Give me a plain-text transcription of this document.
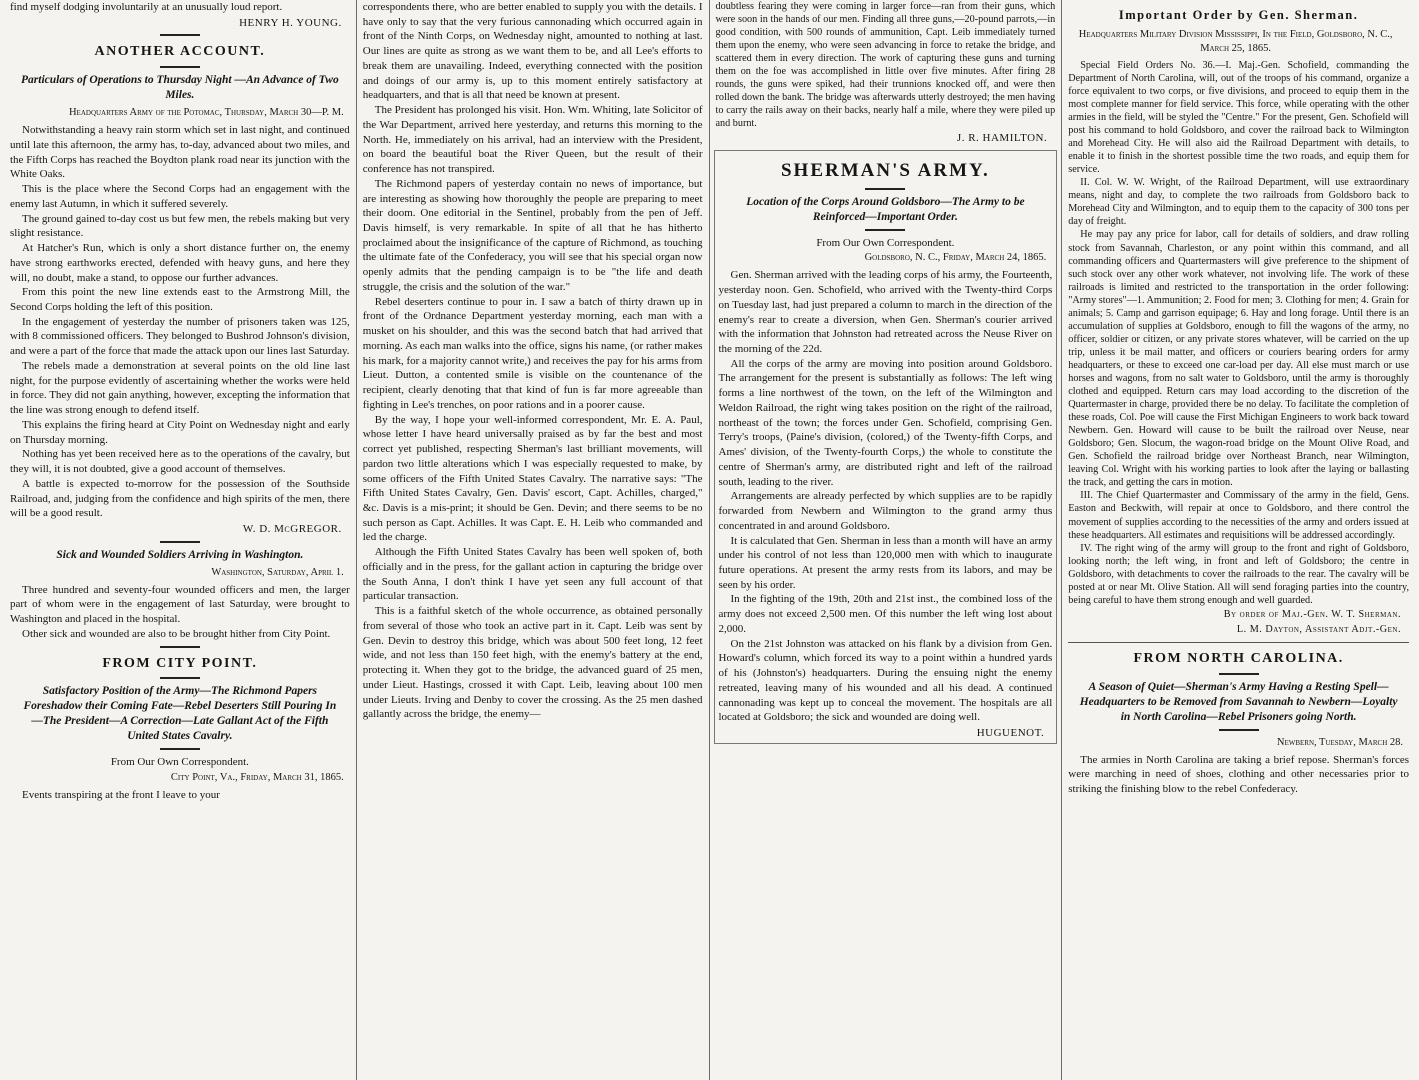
find myself dodging involuntarily at an unusually loud report.

HENRY H. YOUNG.
ANOTHER ACCOUNT.
Particulars of Operations to Thursday Night —An Advance of Two Miles.
Headquarters Army of the Potomac, Thursday, March 30—P. M.

Notwithstanding a heavy rain storm which set in last night, and continued until late this afternoon, the army has, to-day, advanced about two miles, and the Fifth Corps has reached the Boydton plank road near its junction with the White Oaks.

This is the place where the Second Corps had an engagement with the enemy last Autumn, in which it suffered severely.

The ground gained to-day cost us but few men, the rebels making but very slight resistance.

At Hatcher's Run, which is only a short distance further on, the enemy have strong earthworks erected, defended with heavy guns, and here they will, no doubt, make a stand, to oppose our further advances.

From this point the new line extends east to the Armstrong Mill, the Second Corps holding the left of this position.

In the engagement of yesterday the number of prisoners taken was 125, with 8 commissioned officers. They belonged to Bushrod Johnson's division, and were a part of the force that made the attack upon our lines last Saturday.

The rebels made a demonstration at several points on the old line last night, for the purpose evidently of ascertaining whether the works were held in force. They did not gain anything, however, excepting the information that the line was strong enough to defend itself.

This explains the firing heard at City Point on Wednesday night and early on Thursday morning.

Nothing has yet been received here as to the operations of the cavalry, but they will, it is not doubted, give a good account of themselves.

A battle is expected to-morrow for the possession of the Southside Railroad, and, judging from the confidence and high spirits of the men, there will be a good result.

W. D. McGREGOR.
Sick and Wounded Soldiers Arriving in Washington.
Washington, Saturday, April 1.

Three hundred and seventy-four wounded officers and men, the larger part of whom were in the engagement of last Saturday, were brought to Washington and placed in the hospital.

Other sick and wounded are also to be brought hither from City Point.

FROM CITY POINT.
Satisfactory Position of the Army—The Richmond Papers Foreshadow their Coming Fate—Rebel Deserters Still Pouring In—The President—A Correction—Late Gallant Act of the Fifth United States Cavalry.
From Our Own Correspondent.
City Point, Va., Friday, March 31, 1865.

Events transpiring at the front I leave to your

correspondents there, who are better enabled to supply you with the details. I have only to say that the very furious cannonading which occurred again in front of the Ninth Corps, on Wednesday night, amounted to nothing at last. Our lines are quite as strong as we want them to be, and all Lee's efforts to break them are unavailing. Indeed, everything connected with the position and doings of our army is, up to this moment entirely satisfactory at headquarters, and that is all that need be known at present.

The President has prolonged his visit. Hon. Wm. Whiting, late Solicitor of the War Department, arrived here yesterday, and returns this morning to the North. He, immediately on his arrival, had an interview with the President, on board the beautiful boat the River Queen, but the result of their conference has not transpired.

The Richmond papers of yesterday contain no news of importance, but are interesting as showing how thoroughly the people are preparing to meet their doom. One editorial in the Sentinel, probably from the pen of Jeff. Davis himself, is very remarkable. In spite of all that he has hitherto proclaimed about the insignificance of the capture of Richmond, as touching the ultimate fate of the Confederacy, you will see that his special organ now openly admits that the pending campaign is to be "the life and death struggle, the crisis and the solution of the war."

Rebel deserters continue to pour in. I saw a batch of thirty drawn up in front of the Ordnance Department yesterday morning, each man with a musket on his shoulder, and this was the second batch that had arrived that morning. As each man walks into the office, signs his name, (or rather makes his mark, for a majority cannot write,) and receives the pay for his arms from Lieut. Dutton, a contented smile is visible on the countenance of the recipient, clearly denoting that that kind of fun is far more agreeable than fighting in Lee's trenches, on poor rations and in a poorer cause.

By the way, I hope your well-informed correspondent, Mr. E. A. Paul, whose letter I have heard universally praised as by far the best and most correct yet published, respecting Sherman's last brilliant movements, will pardon two little alterations which I was especially requested to make, by some officers of the Fifth United States Cavalry. The narrative says: "The Fifth United States Cavalry, Gen. Davis' escort, Capt. Achilles, charged," &c. Davis is a mis-print; it should be Gen. Devin; and there seems to be no such person as Capt. Achilles. It was Capt. E. H. Leib who commanded and led the charge.

Although the Fifth United States Cavalry has been well spoken of, both officially and in the press, for the gallant action in capturing the bridge over the South Anna, I don't think I have yet seen any full account of that particular transaction.

This is a faithful sketch of the whole occurrence, as obtained personally from several of those who took an active part in it. Capt. Leib was sent by Gen. Devin to destroy this bridge, which was about 500 feet long, 12 feet wide, and not less than 150 feet high, with the enemy's battery at the end, protecting it. When they got to the bridge, the advanced guard of 25 men, under Lieut. Hastings, crossed it with Capt. Leib, leaving about 100 men under Lieuts. Irving and Denby to cover the crossing. As the 25 men dashed gallantly across the bridge, the enemy—

doubtless fearing they were coming in larger force—ran from their guns, which were soon in the hands of our men. Finding all three guns,—20-pound parrots,—in good condition, with 500 rounds of ammunition, Capt. Leib immediately turned them upon the enemy, who were seen advancing in force to retake the bridge, and scattered them in every direction. The work of capturing these guns and turning them on the foe was accomplished in little over five minutes. After firing 28 rounds, the guns were spiked, had their trunnions knocked off, and were then rolled down the bank. The bridge was afterwards utterly destroyed; the men having to carry the rails away on their backs, nearly half a mile, where they were piled up and burnt.

J. R. HAMILTON.
SHERMAN'S ARMY.
Location of the Corps Around Goldsboro—The Army to be Reinforced—Important Order.
From Our Own Correspondent.
Goldsboro, N. C., Friday, March 24, 1865.

Gen. Sherman arrived with the leading corps of his army, the Fourteenth, yesterday noon. Gen. Schofield, who arrived with the Twenty-third Corps on Tuesday last, had just prepared a column to march in the direction of the enemy's rear to create a diversion, when Gen. Sherman's courier arrived with the information that Johnston had retreated across the Neuse River on the morning of the 22d.

All the corps of the army are moving into position around Goldsboro. The arrangement for the present is substantially as follows: The left wing forms a line northwest of the town, on the left of the Wilmington and Weldon Railroad, the right wing takes position on the right of the railroad, northeast of the town; the forces under Gen. Schofield, comprising Gen. Terry's troops, (Paine's division, (colored,) of the Twenty-fifth Corps, and Ames' division, of the Twenty-fourth Corps,) the whole to constitute the centre of Sherman's army, are distributed right and left of the railroad south, leading to the river.

Arrangements are already perfected by which supplies are to be rapidly forwarded from Newbern and Wilmington to the grand army thus concentrated in and around Goldsboro.

It is calculated that Gen. Sherman in less than a month will have an army under his control of not less than 120,000 men with which to inaugurate future operations. At present the army rests from its labors, and may be seen by his order.

In the fighting of the 19th, 20th and 21st inst., the combined loss of the army does not exceed 2,500 men. Of this number the left wing lost about 2,000.

On the 21st Johnston was attacked on his flank by a division from Gen. Howard's column, which forced its way to a point within a hundred yards of his (Johnston's) headquarters. During the ensuing night the enemy retreated, leaving many of his wounded and all his dead. A continued cannonading was kept up to conceal the movement. The hospitals are all located at Goldsboro; the sick and wounded are doing well.

HUGUENOT.
Important Order by Gen. Sherman.
Headquarters Military Division Mississippi, In the Field, Goldsboro, N. C., March 25, 1865.

Special Field Orders No. 36.—I. Maj.-Gen. Schofield, commanding the Department of North Carolina, will, out of the troops of his command, organize a force equivalent to two corps, or five divisions, and proceed to equip them in the most complete manner for field service. This force, while operating with the other armies in the field, will be styled the "Centre." For the present, Gen. Schofield will post his command to hold Goldsboro, and cover the railroad back to Wilmington and Morehead City. He will also aid the Railroad Department with details, to enable it to finish in the shortest possible time the two roads, and equip them for service.

II. Col. W. W. Wright, of the Railroad Department, will use extraordinary means, night and day, to complete the two railroads from Goldsboro back to Morehead City and Wilmington, and to equip them to the capacity of 300 tons per day of freight.

He may pay any price for labor, call for details of soldiers, and draw rolling stock from Savannah, Charleston, or any point within this command, and all commanding officers and Quartermasters will give preference to the shipment of such stock over any other work whatever, not involving life. The work of these railroads is limited and restricted to the transportation in the order following: "Army stores"—1. Ammunition; 2. Food for men; 3. Clothing for men; 4. Grain for animals; 5. Camp and garrison equipage; 6. Hay and long forage. Until there is an accumulation of supplies at Goldsboro, enough to fill the wagons of the army, no officer, soldier or citizen, or any private stores whatever, will be carried on the up trip, unless it be mail matter, and officers or couriers bearing orders for army headquarters, or these to exceed one car-load per day. All else must march or use horses and wagons, from no salt water to Goldsboro, until the army is thoroughly clothed and equipped. Return cars may load according to the discretion of the Quartermaster in charge, provided there be no delay. To facilitate the completion of these roads, Col. Poe will cause the First Michigan Engineers to work back toward Newbern. Gen. Howard will cause to be built the railroad over Neuse, near Goldsboro; Gen. Slocum, the wagon-road bridge on the Mount Olive Road, and Gen. Schofield the railroad bridge over Northeast Branch, near Wilmington, leaving Col. Wright with his working parties to look after the laying or ballasting the track, and getting the cars in motion.

III. The Chief Quartermaster and Commissary of the army in the field, Gens. Easton and Beckwith, will repair at once to Goldsboro, and there control the movement of supplies according to the necessities of the army and orders issued at these headquarters. All estimates and requisitions will be addressed accordingly.

IV. The right wing of the army will group to the front and right of Goldsboro, looking north; the left wing, in front and left of Goldsboro; the centre in Goldsboro, with detachments to cover the railroads to the rear. The cavalry will be posted at or near Mt. Olive Station. All will send foraging parties into the country, being careful to have them strong enough and well guarded.

By order of Maj.-Gen. W. T. Sherman.
L. M. Dayton, Assistant Adjt.-Gen.
FROM NORTH CAROLINA.
A Season of Quiet—Sherman's Army Having a Resting Spell—Headquarters to be Removed from Savannah to Newbern—Loyalty in North Carolina—Rebel Prisoners going North.
Newbern, Tuesday, March 28.

The armies in North Carolina are taking a brief repose. Sherman's forces were marching in need of shoes, clothing and other necessaries prior to striking the finishing blow to the rebel Confederacy.
